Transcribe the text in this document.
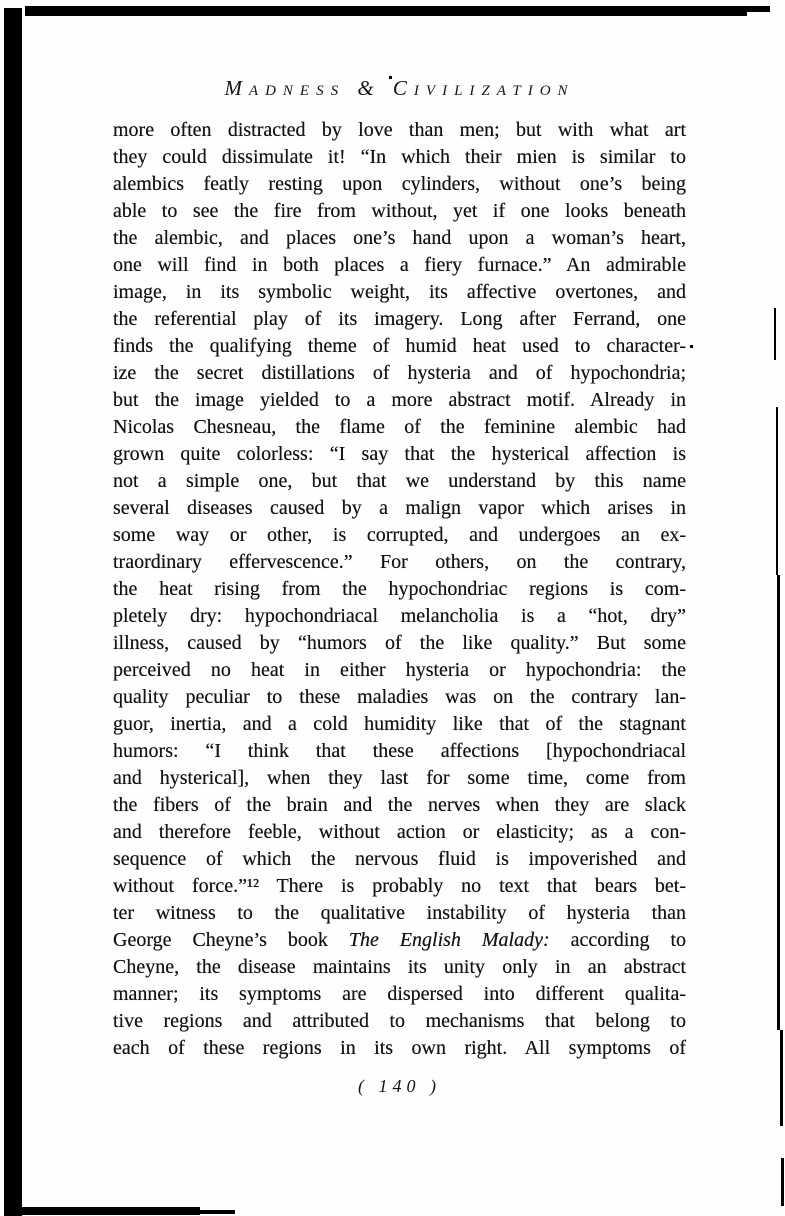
Madness & Civilization
more often distracted by love than men; but with what art
they could dissimulate it! “In which their mien is similar to
alembics featly resting upon cylinders, without one’s being
able to see the fire from without, yet if one looks beneath
the alembic, and places one’s hand upon a woman’s heart,
one will find in both places a fiery furnace.” An admirable
image, in its symbolic weight, its affective overtones, and
the referential play of its imagery. Long after Ferrand, one
finds the qualifying theme of humid heat used to character-
ize the secret distillations of hysteria and of hypochondria;
but the image yielded to a more abstract motif. Already in
Nicolas Chesneau, the flame of the feminine alembic had
grown quite colorless: “I say that the hysterical affection is
not a simple one, but that we understand by this name
several diseases caused by a malign vapor which arises in
some way or other, is corrupted, and undergoes an ex-
traordinary effervescence.” For others, on the contrary,
the heat rising from the hypochondriac regions is com-
pletely dry: hypochondriacal melancholia is a “hot, dry”
illness, caused by “humors of the like quality.” But some
perceived no heat in either hysteria or hypochondria: the
quality peculiar to these maladies was on the contrary lan-
guor, inertia, and a cold humidity like that of the stagnant
humors: “I think that these affections [hypochondriacal
and hysterical], when they last for some time, come from
the fibers of the brain and the nerves when they are slack
and therefore feeble, without action or elasticity; as a con-
sequence of which the nervous fluid is impoverished and
without force.”¹² There is probably no text that bears bet-
ter witness to the qualitative instability of hysteria than
George Cheyne’s book The English Malady: according to
Cheyne, the disease maintains its unity only in an abstract
manner; its symptoms are dispersed into different qualita-
tive regions and attributed to mechanisms that belong to
each of these regions in its own right. All symptoms of
( 140 )
